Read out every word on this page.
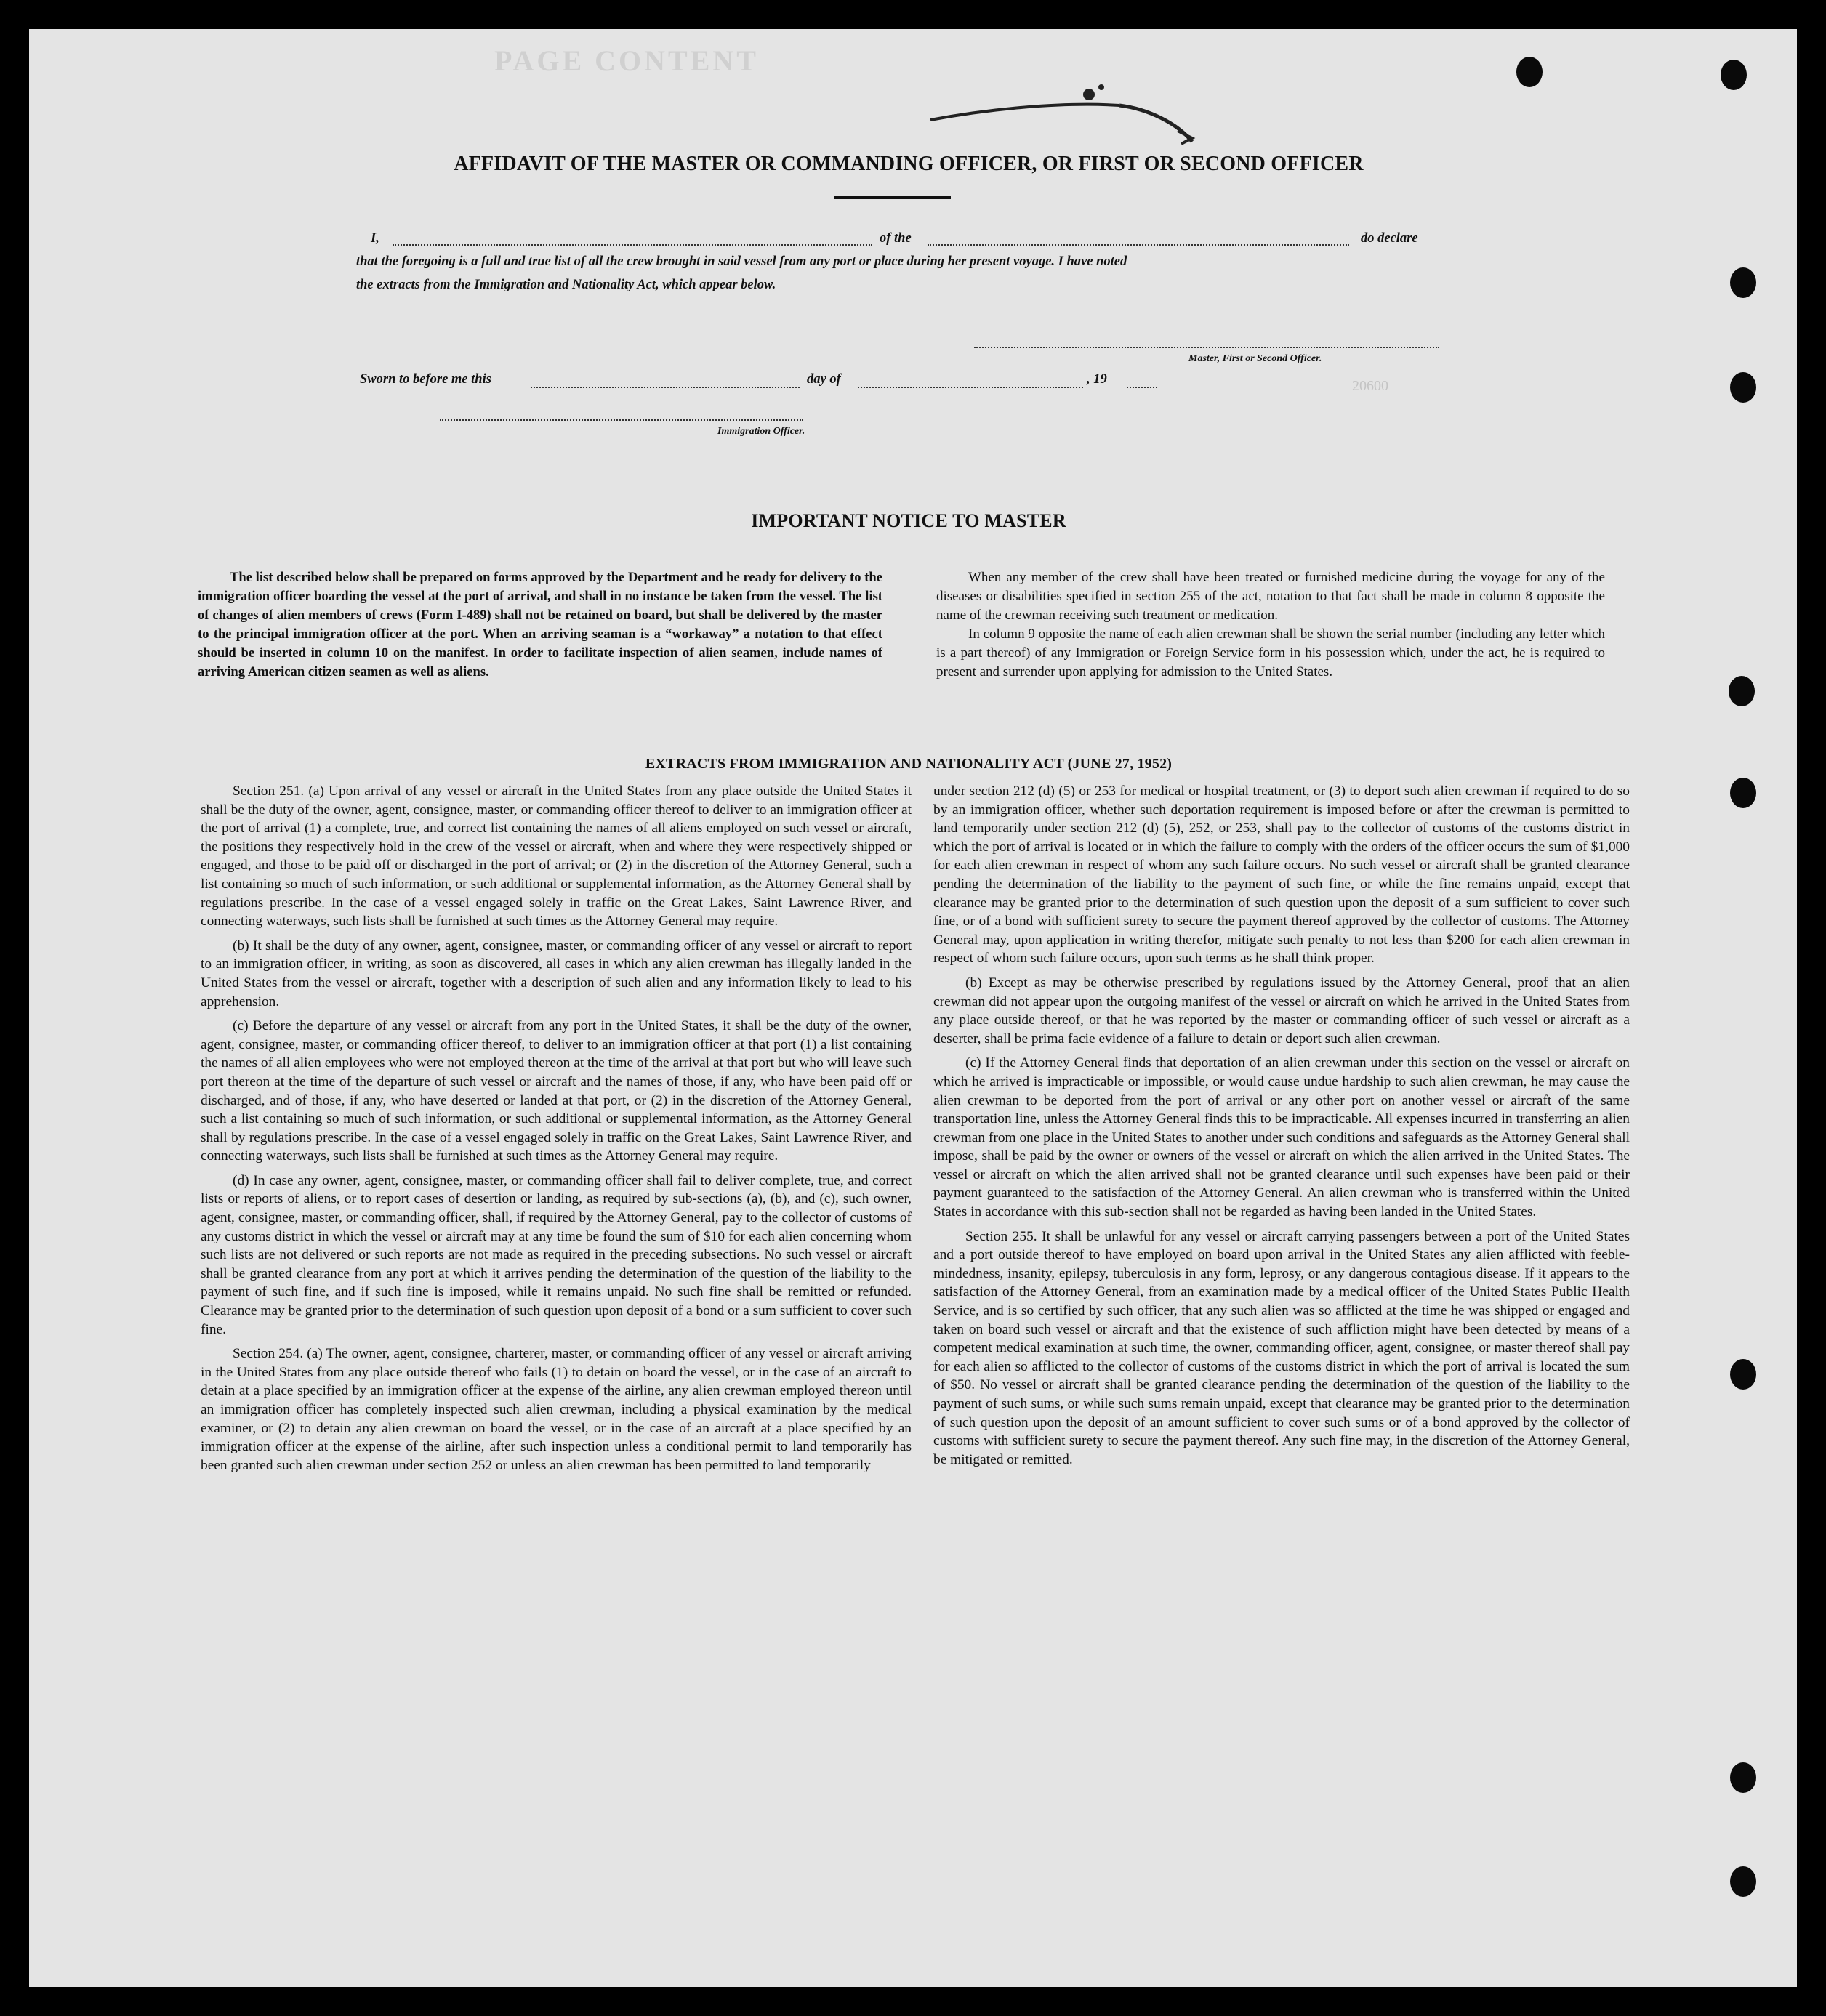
PAGE CONTENT
AFFIDAVIT OF THE MASTER OR COMMANDING OFFICER, OR FIRST OR SECOND OFFICER
I,	of the	do declare
that the foregoing is a full and true list of all the crew brought in said vessel from any port or place during her present voyage. I have noted
the extracts from the Immigration and Nationality Act, which appear below.
Master, First or Second Officer.
Sworn to before me this	day of	, 19	20600
Immigration Officer.
IMPORTANT NOTICE TO MASTER

The list described below shall be prepared on forms approved by the Department and be ready for delivery to the immigration officer boarding the vessel at the port of arrival, and shall in no instance be taken from the vessel. The list of changes of alien members of crews (Form I-489) shall not be retained on board, but shall be delivered by the master to the principal immigration officer at the port. When an arriving seaman is a “workaway” a notation to that effect should be inserted in column 10 on the manifest. In order to facilitate inspection of alien seamen, include names of arriving American citizen seamen as well as aliens.

When any member of the crew shall have been treated or furnished medicine during the voyage for any of the diseases or disabilities specified in section 255 of the act, notation to that fact shall be made in column 8 opposite the name of the crewman receiving such treatment or medication.

In column 9 opposite the name of each alien crewman shall be shown the serial number (including any letter which is a part thereof) of any Immigration or Foreign Service form in his possession which, under the act, he is required to present and surrender upon applying for admission to the United States.

EXTRACTS FROM IMMIGRATION AND NATIONALITY ACT (JUNE 27, 1952)

Section 251. (a) Upon arrival of any vessel or aircraft in the United States from any place outside the United States it shall be the duty of the owner, agent, consignee, master, or commanding officer thereof to deliver to an immigration officer at the port of arrival (1) a complete, true, and correct list containing the names of all aliens employed on such vessel or aircraft, the positions they respectively hold in the crew of the vessel or aircraft, when and where they were respectively shipped or engaged, and those to be paid off or discharged in the port of arrival; or (2) in the discretion of the Attorney General, such a list containing so much of such information, or such additional or supplemental information, as the Attorney General shall by regulations prescribe. In the case of a vessel engaged solely in traffic on the Great Lakes, Saint Lawrence River, and connecting waterways, such lists shall be furnished at such times as the Attorney General may require.

(b) It shall be the duty of any owner, agent, consignee, master, or commanding officer of any vessel or aircraft to report to an immigration officer, in writing, as soon as discovered, all cases in which any alien crewman has illegally landed in the United States from the vessel or aircraft, together with a description of such alien and any information likely to lead to his apprehension.

(c) Before the departure of any vessel or aircraft from any port in the United States, it shall be the duty of the owner, agent, consignee, master, or commanding officer thereof, to deliver to an immigration officer at that port (1) a list containing the names of all alien employees who were not employed thereon at the time of the arrival at that port but who will leave such port thereon at the time of the departure of such vessel or aircraft and the names of those, if any, who have been paid off or discharged, and of those, if any, who have deserted or landed at that port, or (2) in the discretion of the Attorney General, such a list containing so much of such information, or such additional or supplemental information, as the Attorney General shall by regulations prescribe. In the case of a vessel engaged solely in traffic on the Great Lakes, Saint Lawrence River, and connecting waterways, such lists shall be furnished at such times as the Attorney General may require.

(d) In case any owner, agent, consignee, master, or commanding officer shall fail to deliver complete, true, and correct lists or reports of aliens, or to report cases of desertion or landing, as required by sub-sections (a), (b), and (c), such owner, agent, consignee, master, or commanding officer, shall, if required by the Attorney General, pay to the collector of customs of any customs district in which the vessel or aircraft may at any time be found the sum of $10 for each alien concerning whom such lists are not delivered or such reports are not made as required in the preceding subsections. No such vessel or aircraft shall be granted clearance from any port at which it arrives pending the determination of the question of the liability to the payment of such fine, and if such fine is imposed, while it remains unpaid. No such fine shall be remitted or refunded. Clearance may be granted prior to the determination of such question upon deposit of a bond or a sum sufficient to cover such fine.

Section 254. (a) The owner, agent, consignee, charterer, master, or commanding officer of any vessel or aircraft arriving in the United States from any place outside thereof who fails (1) to detain on board the vessel, or in the case of an aircraft to detain at a place specified by an immigration officer at the expense of the airline, any alien crewman employed thereon until an immigration officer has completely inspected such alien crewman, including a physical examination by the medical examiner, or (2) to detain any alien crewman on board the vessel, or in the case of an aircraft at a place specified by an immigration officer at the expense of the airline, after such inspection unless a conditional permit to land temporarily has been granted such alien crewman under section 252 or unless an alien crewman has been permitted to land temporarily

under section 212 (d) (5) or 253 for medical or hospital treatment, or (3) to deport such alien crewman if required to do so by an immigration officer, whether such deportation requirement is imposed before or after the crewman is permitted to land temporarily under section 212 (d) (5), 252, or 253, shall pay to the collector of customs of the customs district in which the port of arrival is located or in which the failure to comply with the orders of the officer occurs the sum of $1,000 for each alien crewman in respect of whom any such failure occurs. No such vessel or aircraft shall be granted clearance pending the determination of the liability to the payment of such fine, or while the fine remains unpaid, except that clearance may be granted prior to the determination of such question upon the deposit of a sum sufficient to cover such fine, or of a bond with sufficient surety to secure the payment thereof approved by the collector of customs. The Attorney General may, upon application in writing therefor, mitigate such penalty to not less than $200 for each alien crewman in respect of whom such failure occurs, upon such terms as he shall think proper.

(b) Except as may be otherwise prescribed by regulations issued by the Attorney General, proof that an alien crewman did not appear upon the outgoing manifest of the vessel or aircraft on which he arrived in the United States from any place outside thereof, or that he was reported by the master or commanding officer of such vessel or aircraft as a deserter, shall be prima facie evidence of a failure to detain or deport such alien crewman.

(c) If the Attorney General finds that deportation of an alien crewman under this section on the vessel or aircraft on which he arrived is impracticable or impossible, or would cause undue hardship to such alien crewman, he may cause the alien crewman to be deported from the port of arrival or any other port on another vessel or aircraft of the same transportation line, unless the Attorney General finds this to be impracticable. All expenses incurred in transferring an alien crewman from one place in the United States to another under such conditions and safeguards as the Attorney General shall impose, shall be paid by the owner or owners of the vessel or aircraft on which the alien arrived in the United States. The vessel or aircraft on which the alien arrived shall not be granted clearance until such expenses have been paid or their payment guaranteed to the satisfaction of the Attorney General. An alien crewman who is transferred within the United States in accordance with this sub-section shall not be regarded as having been landed in the United States.

Section 255. It shall be unlawful for any vessel or aircraft carrying passengers between a port of the United States and a port outside thereof to have employed on board upon arrival in the United States any alien afflicted with feeble-mindedness, insanity, epilepsy, tuberculosis in any form, leprosy, or any dangerous contagious disease. If it appears to the satisfaction of the Attorney General, from an examination made by a medical officer of the United States Public Health Service, and is so certified by such officer, that any such alien was so afflicted at the time he was shipped or engaged and taken on board such vessel or aircraft and that the existence of such affliction might have been detected by means of a competent medical examination at such time, the owner, commanding officer, agent, consignee, or master thereof shall pay for each alien so afflicted to the collector of customs of the customs district in which the port of arrival is located the sum of $50. No vessel or aircraft shall be granted clearance pending the determination of the question of the liability to the payment of such sums, or while such sums remain unpaid, except that clearance may be granted prior to the determination of such question upon the deposit of an amount sufficient to cover such sums or of a bond approved by the collector of customs with sufficient surety to secure the payment thereof. Any such fine may, in the discretion of the Attorney General, be mitigated or remitted.
